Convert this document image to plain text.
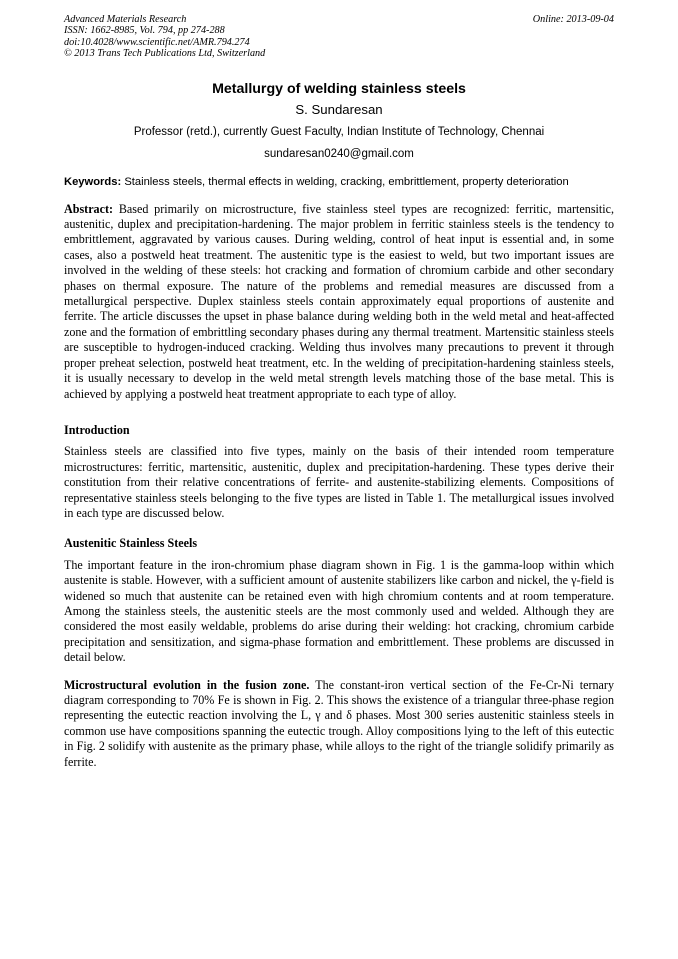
Advanced Materials Research
ISSN: 1662-8985, Vol. 794, pp 274-288
doi:10.4028/www.scientific.net/AMR.794.274
© 2013 Trans Tech Publications Ltd, Switzerland
Online: 2013-09-04
Metallurgy of welding stainless steels
S. Sundaresan
Professor (retd.), currently Guest Faculty, Indian Institute of Technology, Chennai
sundaresan0240@gmail.com
Keywords: Stainless steels, thermal effects in welding, cracking, embrittlement, property deterioration

Abstract: Based primarily on microstructure, five stainless steel types are recognized: ferritic, martensitic, austenitic, duplex and precipitation-hardening. The major problem in ferritic stainless steels is the tendency to embrittlement, aggravated by various causes. During welding, control of heat input is essential and, in some cases, also a postweld heat treatment. The austenitic type is the easiest to weld, but two important issues are involved in the welding of these steels: hot cracking and formation of chromium carbide and other secondary phases on thermal exposure. The nature of the problems and remedial measures are discussed from a metallurgical perspective. Duplex stainless steels contain approximately equal proportions of austenite and ferrite. The article discusses the upset in phase balance during welding both in the weld metal and heat-affected zone and the formation of embrittling secondary phases during any thermal treatment. Martensitic stainless steels are susceptible to hydrogen-induced cracking. Welding thus involves many precautions to prevent it through proper preheat selection, postweld heat treatment, etc. In the welding of precipitation-hardening stainless steels, it is usually necessary to develop in the weld metal strength levels matching those of the base metal. This is achieved by applying a postweld heat treatment appropriate to each type of alloy.

Introduction

Stainless steels are classified into five types, mainly on the basis of their intended room temperature microstructures: ferritic, martensitic, austenitic, duplex and precipitation-hardening. These types derive their constitution from their relative concentrations of ferrite- and austenite-stabilizing elements. Compositions of representative stainless steels belonging to the five types are listed in Table 1. The metallurgical issues involved in each type are discussed below.

Austenitic Stainless Steels

The important feature in the iron-chromium phase diagram shown in Fig. 1 is the gamma-loop within which austenite is stable. However, with a sufficient amount of austenite stabilizers like carbon and nickel, the γ-field is widened so much that austenite can be retained even with high chromium contents and at room temperature. Among the stainless steels, the austenitic steels are the most commonly used and welded. Although they are considered the most easily weldable, problems do arise during their welding: hot cracking, chromium carbide precipitation and sensitization, and sigma-phase formation and embrittlement. These problems are discussed in detail below.

Microstructural evolution in the fusion zone. The constant-iron vertical section of the Fe-Cr-Ni ternary diagram corresponding to 70% Fe is shown in Fig. 2. This shows the existence of a triangular three-phase region representing the eutectic reaction involving the L, γ and δ phases. Most 300 series austenitic stainless steels in common use have compositions spanning the eutectic trough. Alloy compositions lying to the left of this eutectic in Fig. 2 solidify with austenite as the primary phase, while alloys to the right of the triangle solidify primarily as ferrite.
